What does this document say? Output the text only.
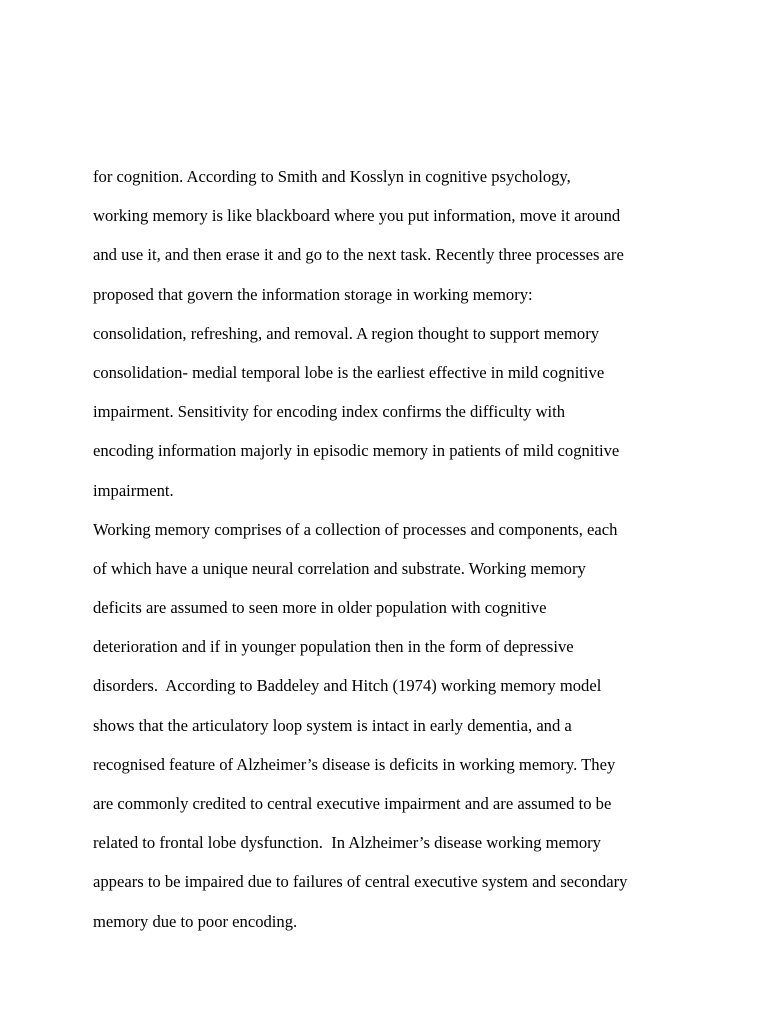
for cognition. According to Smith and Kosslyn in cognitive psychology,
working memory is like blackboard where you put information, move it around
and use it, and then erase it and go to the next task. Recently three processes are
proposed that govern the information storage in working memory:
consolidation, refreshing, and removal. A region thought to support memory
consolidation- medial temporal lobe is the earliest effective in mild cognitive
impairment. Sensitivity for encoding index confirms the difficulty with
encoding information majorly in episodic memory in patients of mild cognitive
impairment.
Working memory comprises of a collection of processes and components, each
of which have a unique neural correlation and substrate. Working memory
deficits are assumed to seen more in older population with cognitive
deterioration and if in younger population then in the form of depressive
disorders.  According to Baddeley and Hitch (1974) working memory model
shows that the articulatory loop system is intact in early dementia, and a
recognised feature of Alzheimer’s disease is deficits in working memory. They
are commonly credited to central executive impairment and are assumed to be
related to frontal lobe dysfunction.  In Alzheimer’s disease working memory
appears to be impaired due to failures of central executive system and secondary
memory due to poor encoding.
